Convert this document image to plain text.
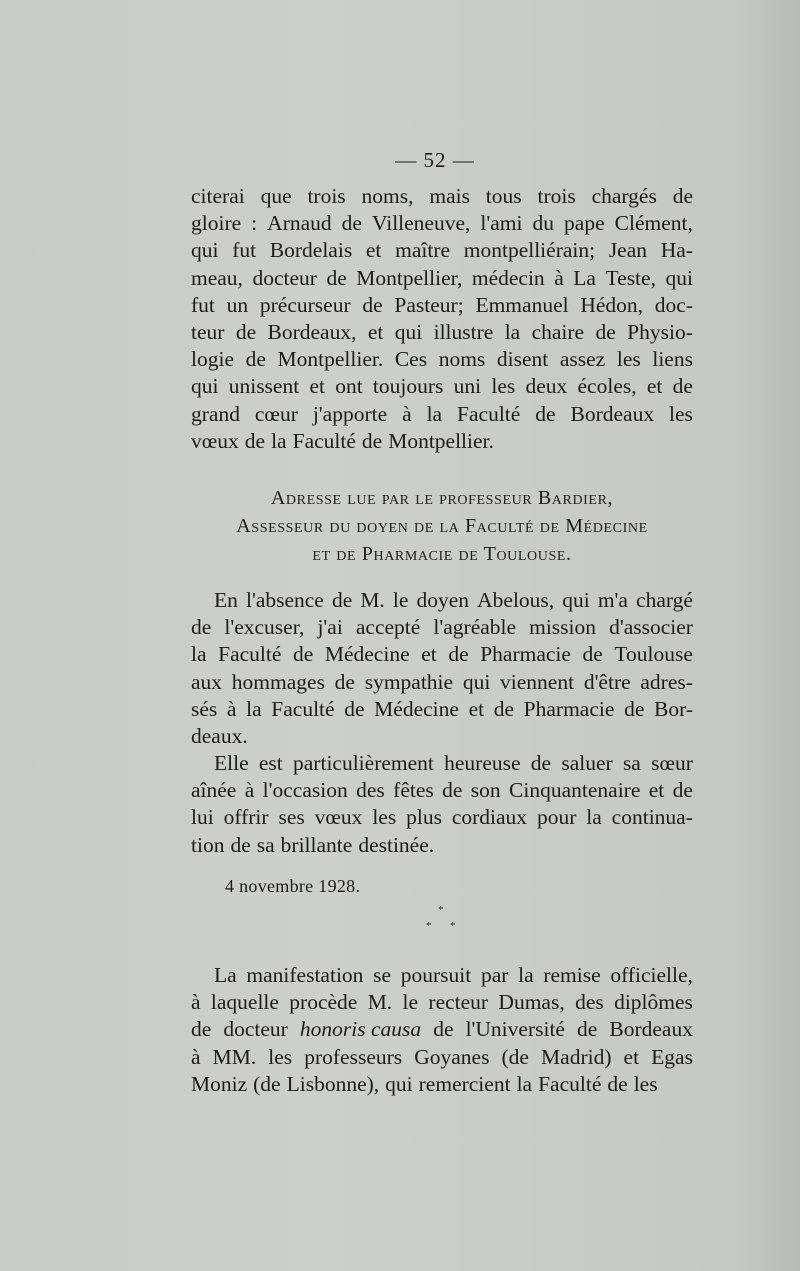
— 52 —
citerai que trois noms, mais tous trois chargés de
gloire : Arnaud de Villeneuve, l'ami du pape Clément,
qui fut Bordelais et maître montpelliérain; Jean Ha-
meau, docteur de Montpellier, médecin à La Teste, qui
fut un précurseur de Pasteur; Emmanuel Hédon, doc-
teur de Bordeaux, et qui illustre la chaire de Physio-
logie de Montpellier. Ces noms disent assez les liens
qui unissent et ont toujours uni les deux écoles, et de
grand cœur j'apporte à la Faculté de Bordeaux les
vœux de la Faculté de Montpellier.
Adresse lue par le professeur Bardier,
Assesseur du doyen de la Faculté de Médecine
et de Pharmacie de Toulouse.
En l'absence de M. le doyen Abelous, qui m'a chargé
de l'excuser, j'ai accepté l'agréable mission d'associer
la Faculté de Médecine et de Pharmacie de Toulouse
aux hommages de sympathie qui viennent d'être adres-
sés à la Faculté de Médecine et de Pharmacie de Bor-
deaux.
Elle est particulièrement heureuse de saluer sa sœur
aînée à l'occasion des fêtes de son Cinquantenaire et de
lui offrir ses vœux les plus cordiaux pour la continua-
tion de sa brillante destinée.
4 novembre 1928.
*
* *
La manifestation se poursuit par la remise officielle,
à laquelle procède M. le recteur Dumas, des diplômes
de docteur honoris causa de l'Université de Bordeaux
à MM. les professeurs Goyanes (de Madrid) et Egas
Moniz (de Lisbonne), qui remercient la Faculté de les
